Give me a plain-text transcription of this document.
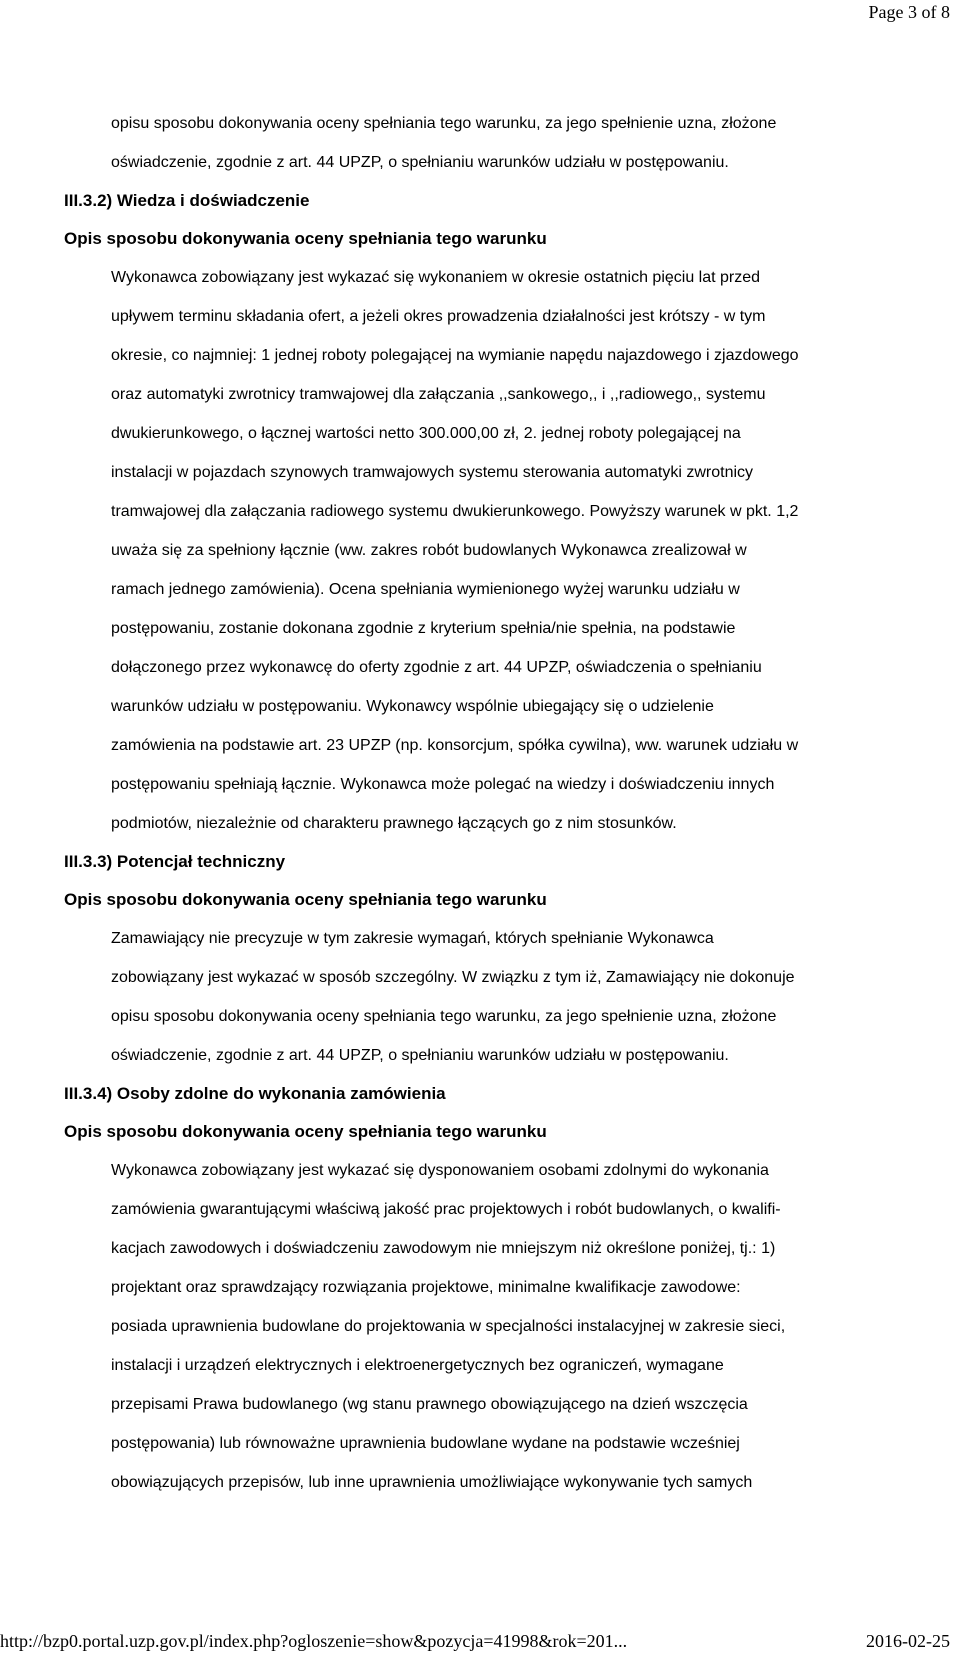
Page 3 of 8

opisu sposobu dokonywania oceny spełniania tego warunku, za jego spełnienie uzna, złożone
oświadczenie, zgodnie z art. 44 UPZP, o spełnianiu warunków udziału w postępowaniu.

III.3.2) Wiedza i doświadczenie
Opis sposobu dokonywania oceny spełniania tego warunku

Wykonawca zobowiązany jest wykazać się wykonaniem w okresie ostatnich pięciu lat przed
upływem terminu składania ofert, a jeżeli okres prowadzenia działalności jest krótszy - w tym
okresie, co najmniej: 1 jednej roboty polegającej na wymianie napędu najazdowego i zjazdowego
oraz automatyki zwrotnicy tramwajowej dla załączania ,,sankowego,, i ,,radiowego,, systemu
dwukierunkowego, o łącznej wartości netto 300.000,00 zł, 2. jednej roboty polegającej na
instalacji w pojazdach szynowych tramwajowych systemu sterowania automatyki zwrotnicy
tramwajowej dla załączania radiowego systemu dwukierunkowego. Powyższy warunek w pkt. 1,2
uważa się za spełniony łącznie (ww. zakres robót budowlanych Wykonawca zrealizował w
ramach jednego zamówienia). Ocena spełniania wymienionego wyżej warunku udziału w
postępowaniu, zostanie dokonana zgodnie z kryterium spełnia/nie spełnia, na podstawie
dołączonego przez wykonawcę do oferty zgodnie z art. 44 UPZP, oświadczenia o spełnianiu
warunków udziału w postępowaniu. Wykonawcy wspólnie ubiegający się o udzielenie
zamówienia na podstawie art. 23 UPZP (np. konsorcjum, spółka cywilna), ww. warunek udziału w
postępowaniu spełniają łącznie. Wykonawca może polegać na wiedzy i doświadczeniu innych
podmiotów, niezależnie od charakteru prawnego łączących go z nim stosunków.

III.3.3) Potencjał techniczny
Opis sposobu dokonywania oceny spełniania tego warunku

Zamawiający nie precyzuje w tym zakresie wymagań, których spełnianie Wykonawca
zobowiązany jest wykazać w sposób szczególny. W związku z tym iż, Zamawiający nie dokonuje
opisu sposobu dokonywania oceny spełniania tego warunku, za jego spełnienie uzna, złożone
oświadczenie, zgodnie z art. 44 UPZP, o spełnianiu warunków udziału w postępowaniu.

III.3.4) Osoby zdolne do wykonania zamówienia
Opis sposobu dokonywania oceny spełniania tego warunku

Wykonawca zobowiązany jest wykazać się dysponowaniem osobami zdolnymi do wykonania
zamówienia gwarantującymi właściwą jakość prac projektowych i robót budowlanych, o kwalifi-
kacjach zawodowych i doświadczeniu zawodowym nie mniejszym niż określone poniżej, tj.: 1)
projektant oraz sprawdzający rozwiązania projektowe, minimalne kwalifikacje zawodowe:
posiada uprawnienia budowlane do projektowania w specjalności instalacyjnej w zakresie sieci,
instalacji i urządzeń elektrycznych i elektroenergetycznych bez ograniczeń, wymagane
przepisami Prawa budowlanego (wg stanu prawnego obowiązującego na dzień wszczęcia
postępowania) lub równoważne uprawnienia budowlane wydane na podstawie wcześniej
obowiązujących przepisów, lub inne uprawnienia umożliwiające wykonywanie tych samych

http://bzp0.portal.uzp.gov.pl/index.php?ogloszenie=show&pozycja=41998&rok=201...	2016-02-25
